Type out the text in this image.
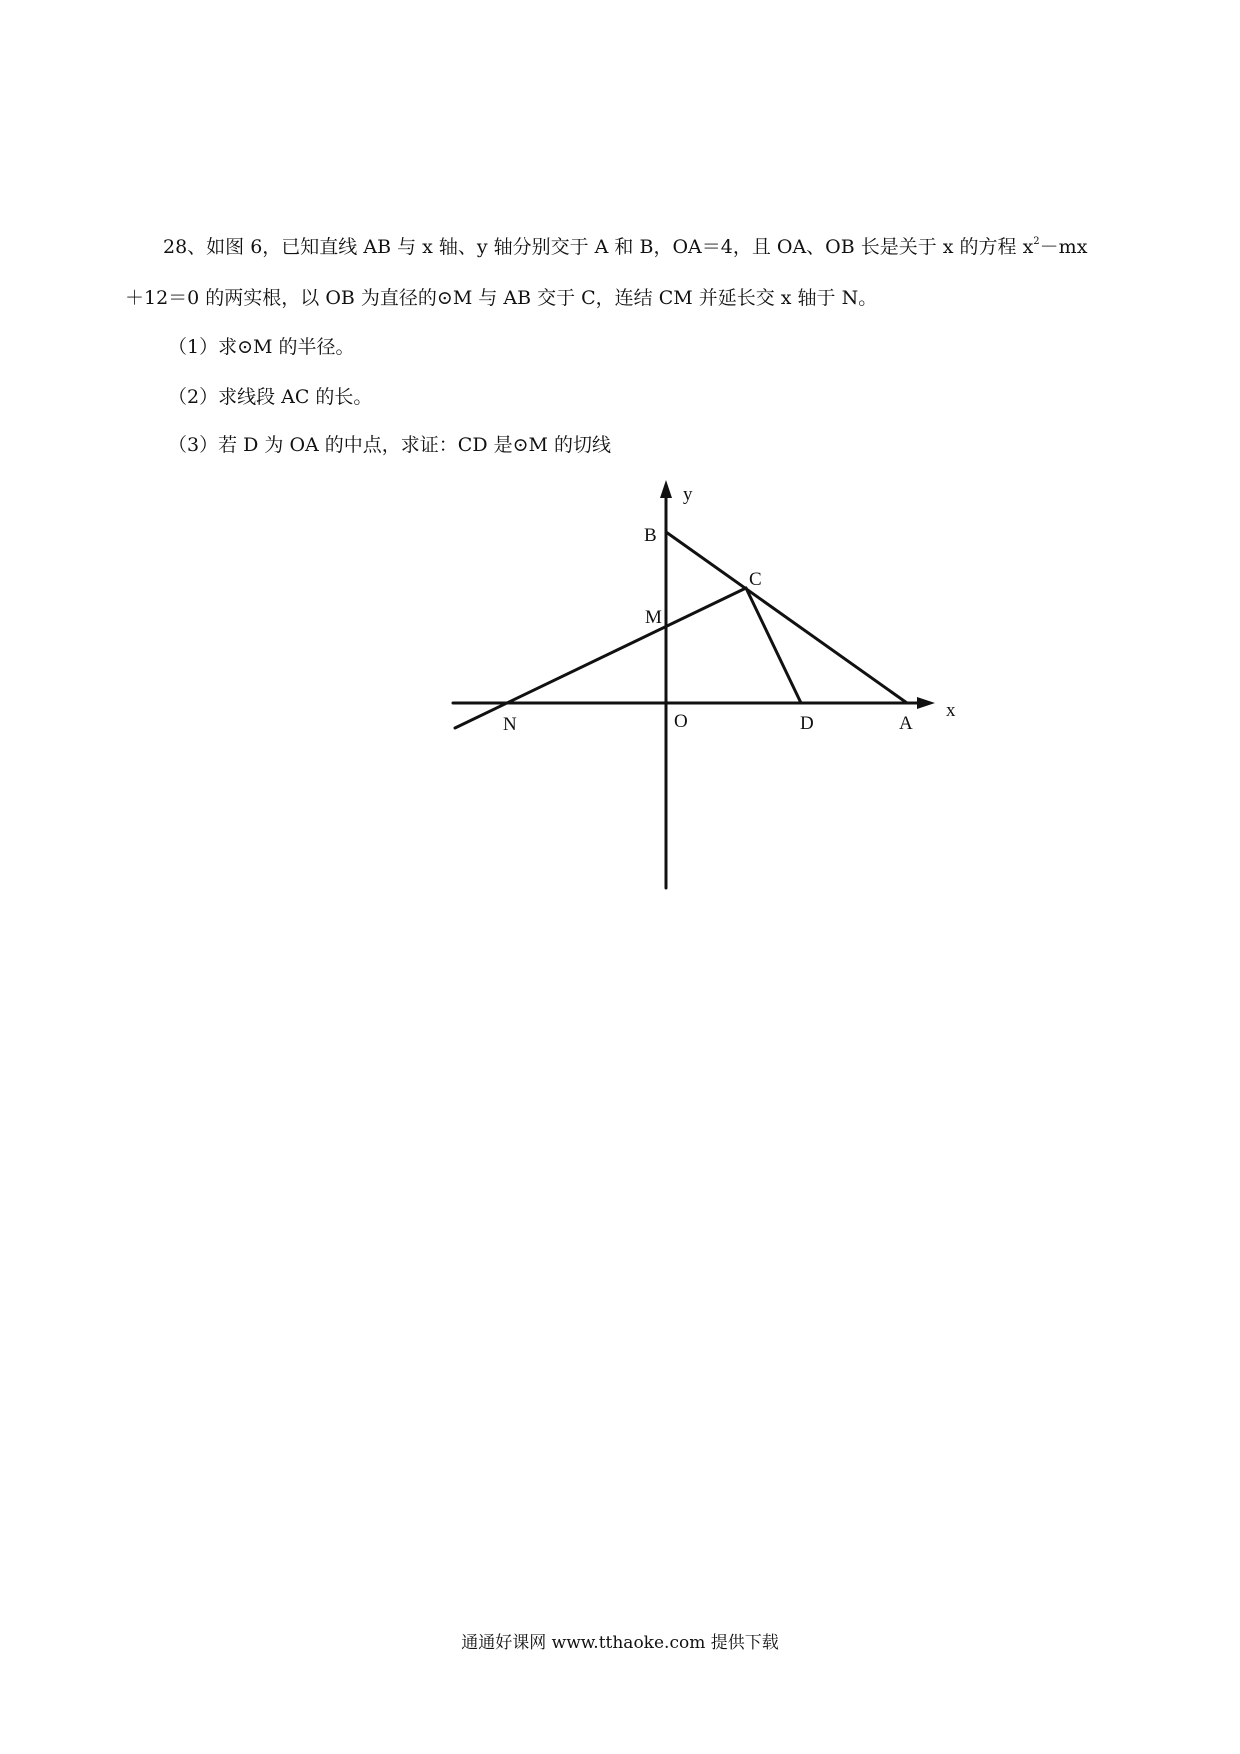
28、如图 6，已知直线 AB 与 x 轴、y 轴分别交于 A 和 B，OA＝4，且 OA、OB 长是关于 x 的方程 $x^2-mx$
＋12＝0 的两实根，以 OB 为直径的⊙M 与 AB 交于 C，连结 CM 并延长交 x 轴于 N。
（1）求⊙M 的半径。
（2）求线段 AC 的长。
（3）若 D 为 OA 的中点，求证：CD 是⊙M 的切线
y
x
B
C
M
N	O	D	A
通通好课网 www.tthaoke.com 提供下载
